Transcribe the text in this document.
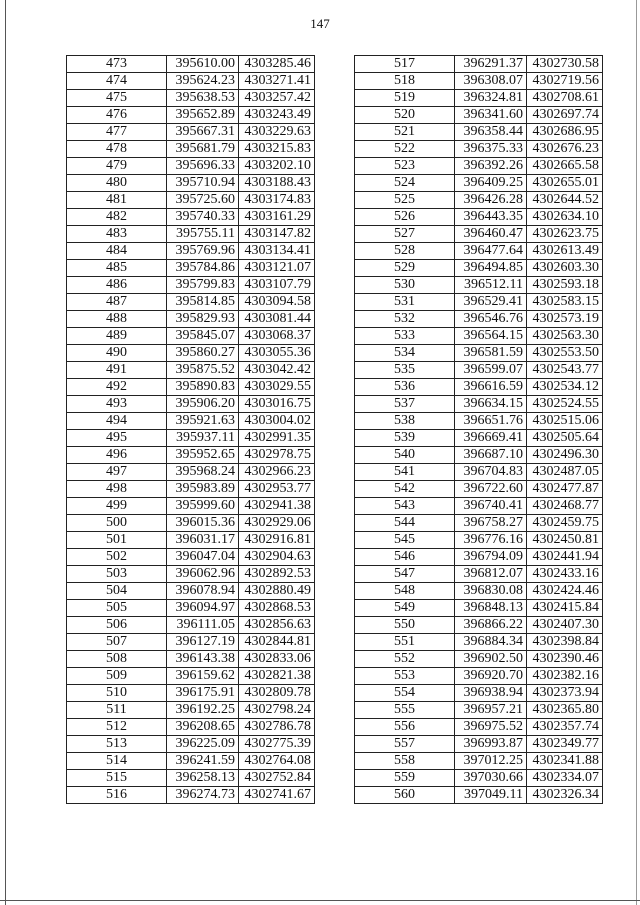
147
473	395610.00	4303285.46
474	395624.23	4303271.41
475	395638.53	4303257.42
476	395652.89	4303243.49
477	395667.31	4303229.63
478	395681.79	4303215.83
479	395696.33	4303202.10
480	395710.94	4303188.43
481	395725.60	4303174.83
482	395740.33	4303161.29
483	395755.11	4303147.82
484	395769.96	4303134.41
485	395784.86	4303121.07
486	395799.83	4303107.79
487	395814.85	4303094.58
488	395829.93	4303081.44
489	395845.07	4303068.37
490	395860.27	4303055.36
491	395875.52	4303042.42
492	395890.83	4303029.55
493	395906.20	4303016.75
494	395921.63	4303004.02
495	395937.11	4302991.35
496	395952.65	4302978.75
497	395968.24	4302966.23
498	395983.89	4302953.77
499	395999.60	4302941.38
500	396015.36	4302929.06
501	396031.17	4302916.81
502	396047.04	4302904.63
503	396062.96	4302892.53
504	396078.94	4302880.49
505	396094.97	4302868.53
506	396111.05	4302856.63
507	396127.19	4302844.81
508	396143.38	4302833.06
509	396159.62	4302821.38
510	396175.91	4302809.78
511	396192.25	4302798.24
512	396208.65	4302786.78
513	396225.09	4302775.39
514	396241.59	4302764.08
515	396258.13	4302752.84
516	396274.73	4302741.67
517	396291.37	4302730.58
518	396308.07	4302719.56
519	396324.81	4302708.61
520	396341.60	4302697.74
521	396358.44	4302686.95
522	396375.33	4302676.23
523	396392.26	4302665.58
524	396409.25	4302655.01
525	396426.28	4302644.52
526	396443.35	4302634.10
527	396460.47	4302623.75
528	396477.64	4302613.49
529	396494.85	4302603.30
530	396512.11	4302593.18
531	396529.41	4302583.15
532	396546.76	4302573.19
533	396564.15	4302563.30
534	396581.59	4302553.50
535	396599.07	4302543.77
536	396616.59	4302534.12
537	396634.15	4302524.55
538	396651.76	4302515.06
539	396669.41	4302505.64
540	396687.10	4302496.30
541	396704.83	4302487.05
542	396722.60	4302477.87
543	396740.41	4302468.77
544	396758.27	4302459.75
545	396776.16	4302450.81
546	396794.09	4302441.94
547	396812.07	4302433.16
548	396830.08	4302424.46
549	396848.13	4302415.84
550	396866.22	4302407.30
551	396884.34	4302398.84
552	396902.50	4302390.46
553	396920.70	4302382.16
554	396938.94	4302373.94
555	396957.21	4302365.80
556	396975.52	4302357.74
557	396993.87	4302349.77
558	397012.25	4302341.88
559	397030.66	4302334.07
560	397049.11	4302326.34
